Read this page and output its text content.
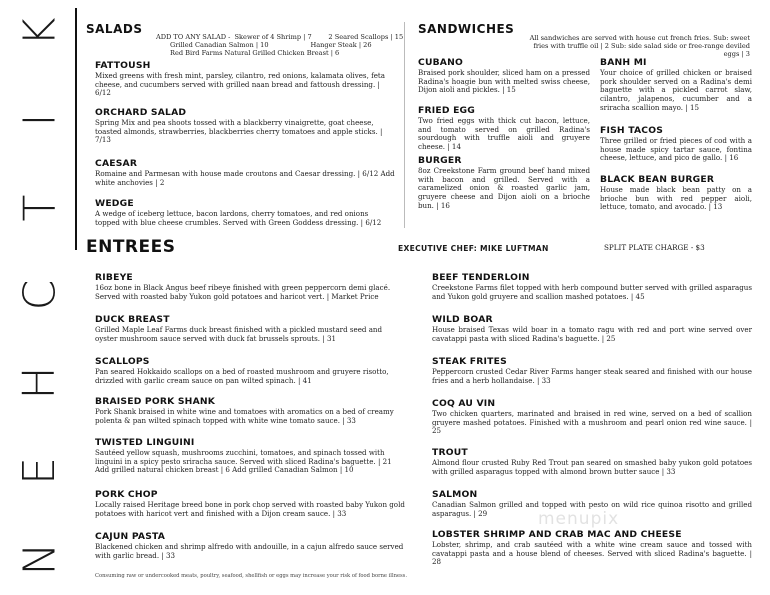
K
I
T
C
H
E
N
SALADS
ADD TO ANY SALAD -  Skewer of 4 Shrimp | 7        2 Seared Scallops | 15
Grilled Canadian Salmon | 10                    Hanger Steak | 26
Red Bird Farms Natural Grilled Chicken Breast | 6
FATTOUSH
Mixed greens with fresh mint, parsley, cilantro, red onions, kalamata olives, feta cheese, and cucumbers served with grilled naan bread and fattoush dressing. | 6/12
ORCHARD SALAD
Spring Mix and pea shoots tossed with a blackberry vinaigrette, goat cheese, toasted almonds, strawberries, blackberries cherry tomatoes and apple sticks. | 7/13
CAESAR
Romaine and Parmesan with house made croutons and Caesar dressing. | 6/12 Add white anchovies | 2
WEDGE
A wedge of iceberg lettuce, bacon lardons, cherry tomatoes, and red onions topped with blue cheese crumbles. Served with Green Goddess dressing. | 6/12
SANDWICHES
All sandwiches are served with house cut french fries. Sub: sweet fries with truffle oil | 2 Sub: side salad side or free-range deviled eggs | 3
CUBANO
Braised pork shoulder, sliced ham on a pressed Radina's hoagie bun with melted swiss cheese, Dijon aioli and pickles. | 15
FRIED EGG
Two fried eggs with thick cut bacon, lettuce, and tomato served on grilled Radina's sourdough with truffle aioli and gruyere cheese. | 14
BURGER
8oz Creekstone Farm ground beef hand mixed with bacon and grilled. Served with a caramelized onion & roasted garlic jam, gruyere cheese and Dijon aioli on a brioche bun. | 16
BANH MI
Your choice of grilled chicken or braised pork shoulder served on a Radina's demi baguette with a pickled carrot slaw, cilantro, jalapenos, cucumber and a sriracha scallion mayo. | 15
FISH TACOS
Three grilled or fried pieces of cod with a house made spicy tartar sauce, fontina cheese, lettuce, and pico de gallo. | 16
BLACK BEAN BURGER
House made black bean patty on a brioche bun with red pepper aioli, lettuce, tomato, and avocado. | 13
ENTREES	EXECUTIVE CHEF: MIKE LUFTMAN	SPLIT PLATE CHARGE - $3
RIBEYE
16oz bone in Black Angus beef ribeye finished with green peppercorn demi glacé. Served with roasted baby Yukon gold potatoes and haricot vert. | Market Price
DUCK BREAST
Grilled Maple Leaf Farms duck breast finished with a pickled mustard seed and oyster mushroom sauce served with duck fat brussels sprouts. | 31
SCALLOPS
Pan seared Hokkaido scallops on a bed of roasted mushroom and gruyere risotto, drizzled with garlic cream sauce on pan wilted spinach. | 41
BRAISED PORK SHANK
Pork Shank braised in white wine and tomatoes with aromatics on a bed of creamy polenta & pan wilted spinach topped with white wine tomato sauce. | 33
TWISTED LINGUINI
Sautéed yellow squash, mushrooms zucchini, tomatoes, and spinach tossed with linguini in a spicy pesto sriracha sauce. Served with sliced Radina's baguette. | 21 Add grilled natural chicken breast | 6 Add grilled Canadian Salmon | 10
PORK CHOP
Locally raised Heritage breed bone in pork chop served with roasted baby Yukon gold potatoes with haricot vert and finished with a Dijon cream sauce. | 33
CAJUN PASTA
Blackened chicken and shrimp alfredo with andouille, in a cajun alfredo sauce served with garlic bread. | 33
BEEF TENDERLOIN
Creekstone Farms filet topped with herb compound butter served with grilled asparagus and Yukon gold gruyere and scallion mashed potatoes. | 45
WILD BOAR
House braised Texas wild boar in a tomato ragu with red and port wine served over cavatappi pasta with sliced Radina's baguette. | 25
STEAK FRITES
Peppercorn crusted Cedar River Farms hanger steak seared and finished with our house fries and a herb hollandaise. | 33
COQ AU VIN
Two chicken quarters, marinated and braised in red wine, served on a bed of scallion gruyere mashed potatoes. Finished with a mushroom and pearl onion red wine sauce. | 25
TROUT
Almond flour crusted Ruby Red Trout pan seared on smashed baby yukon gold potatoes with grilled asparagus topped with almond brown butter sauce | 33
SALMON
Canadian Salmon grilled and topped with pesto on wild rice quinoa risotto and grilled asparagus. | 29
LOBSTER SHRIMP AND CRAB MAC AND CHEESE
Lobster, shrimp, and crab sautéed with a white wine cream sauce and tossed with cavatappi pasta and a house blend of cheeses. Served with sliced Radina's baguette. | 28
menupix
Consuming raw or undercooked meats, poultry, seafood, shellfish or eggs may increase your risk of food borne illness.
